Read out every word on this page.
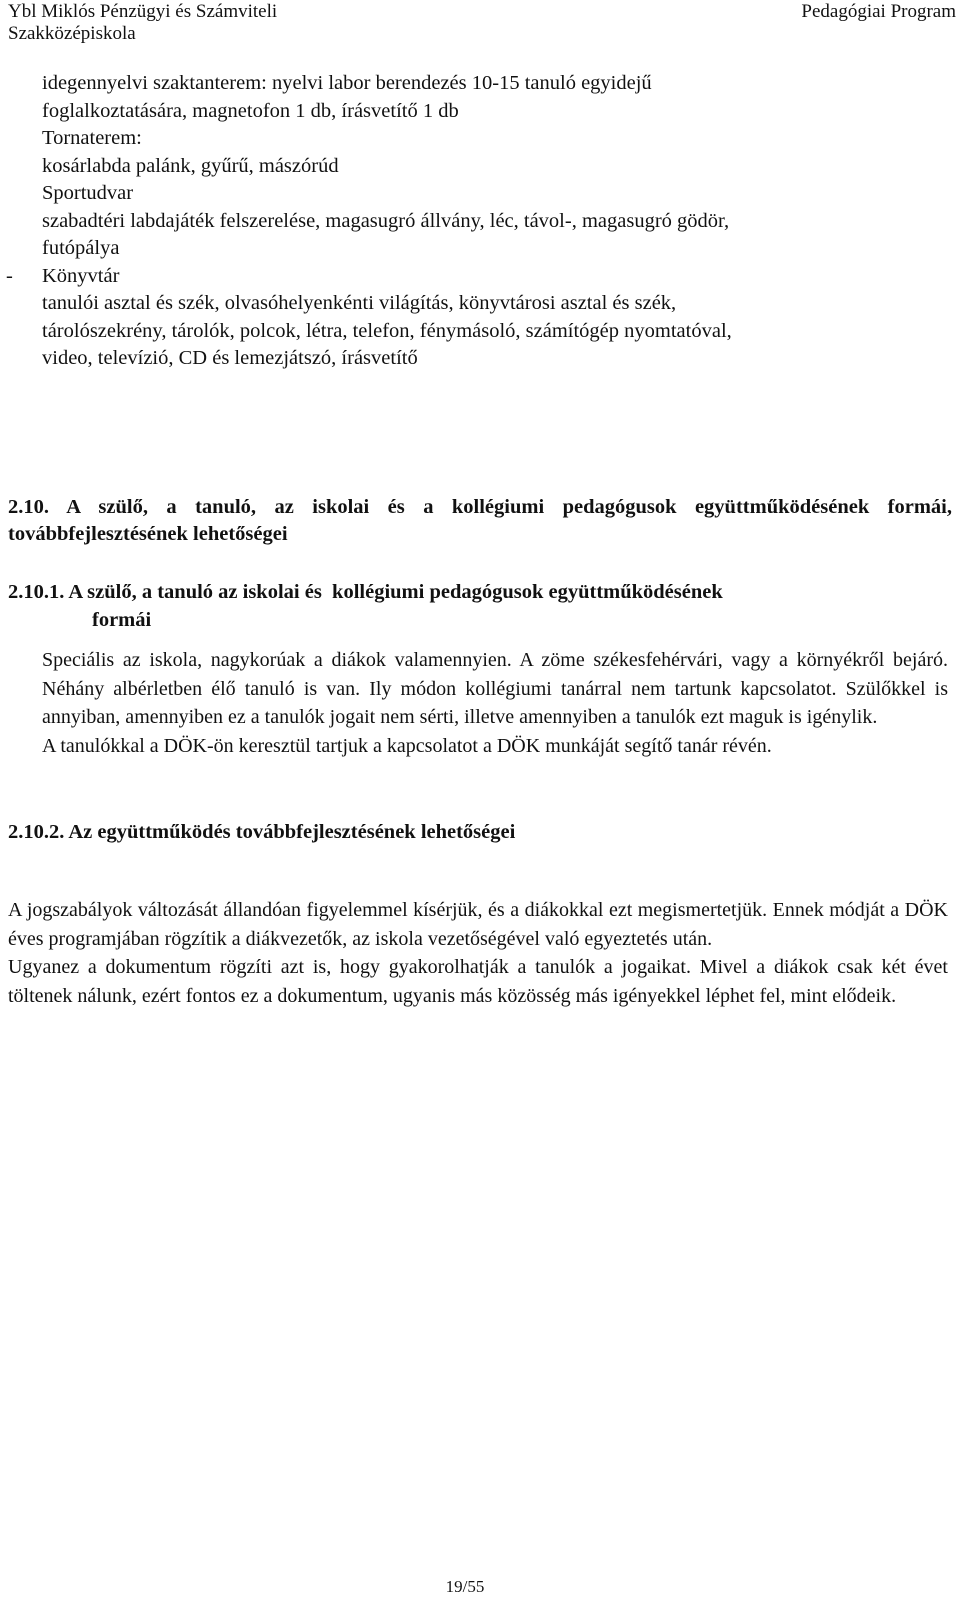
Ybl Miklós Pénzügyi és Számviteli	Pedagógiai Program
Szakközépiskola

idegennyelvi szaktanterem: nyelvi labor berendezés 10-15 tanuló egyidejű

foglalkoztatására, magnetofon 1 db, írásvetítő 1 db

Tornaterem:

kosárlabda palánk, gyűrű, mászórúd

Sportudvar

szabadtéri labdajáték felszerelése, magasugró állvány, léc, távol-, magasugró gödör,

futópálya

- Könyvtár

tanulói asztal és szék, olvasóhelyenkénti világítás, könyvtárosi asztal és szék,

tárolószekrény, tárolók, polcok, létra, telefon, fénymásoló, számítógép nyomtatóval,

video, televízió, CD és lemezjátszó, írásvetítő

2.10. A szülő, a tanuló, az iskolai és a kollégiumi pedagógusok együttműködésének formái, továbbfejlesztésének lehetőségei
2.10.1. A szülő, a tanuló az iskolai és  kollégiumi pedagógusok együttműködésének
formái

Speciális az iskola, nagykorúak a diákok valamennyien. A zöme székesfehérvári, vagy a környékről bejáró. Néhány albérletben élő tanuló is van. Ily módon kollégiumi tanárral nem tartunk kapcsolatot. Szülőkkel is annyiban, amennyiben ez a tanulók jogait nem sérti, illetve amennyiben a tanulók ezt maguk is igénylik.

A tanulókkal a DÖK-ön keresztül tartjuk a kapcsolatot a DÖK munkáját segítő tanár révén.

2.10.2. Az együttműködés továbbfejlesztésének lehetőségei

A jogszabályok változását állandóan figyelemmel kísérjük, és a diákokkal ezt megismertetjük. Ennek módját a DÖK éves programjában rögzítik a diákvezetők, az iskola vezetőségével való egyeztetés után.

Ugyanez a dokumentum rögzíti azt is, hogy gyakorolhatják a tanulók a jogaikat. Mivel a diákok csak két évet töltenek nálunk, ezért fontos ez a dokumentum, ugyanis más közösség más igényekkel léphet fel, mint elődeik.

19/55
